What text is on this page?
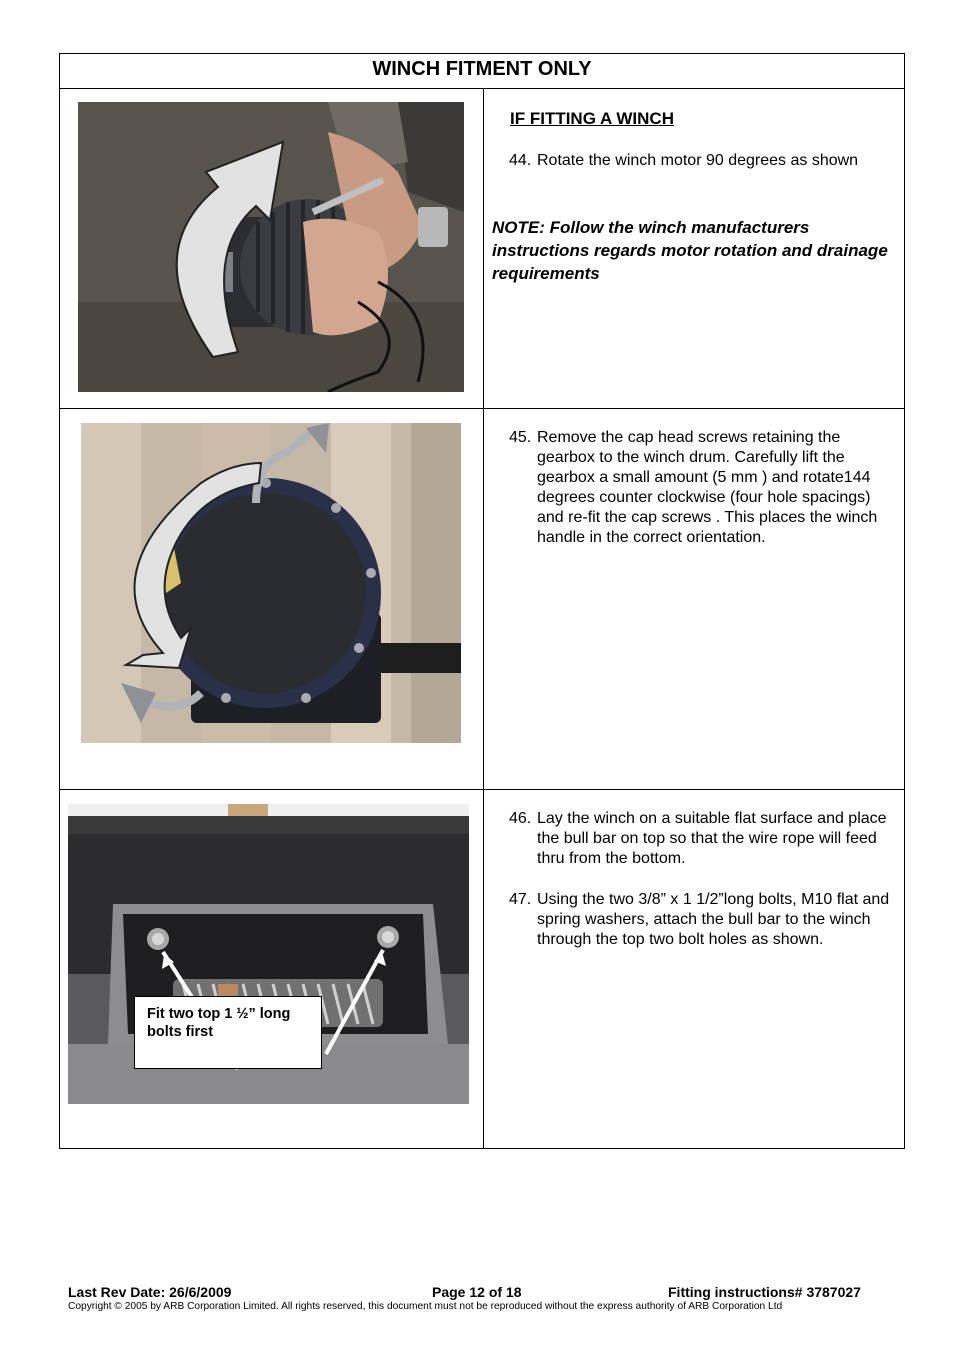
WINCH FITMENT ONLY
Fit two top 1 ½” long bolts first
IF FITTING A WINCH
44. Rotate the winch motor 90 degrees as shown
NOTE: Follow the winch manufacturers instructions regards motor rotation and drainage requirements
45. Remove the cap head screws retaining the gearbox to the winch drum. Carefully lift the gearbox a small amount (5 mm ) and rotate144 degrees counter clockwise (four hole spacings) and re-fit the cap screws . This places the winch handle in the correct orientation.
46. Lay the winch on a suitable flat surface and place the bull bar on top so that the wire rope will feed thru from the bottom.
47. Using the two 3/8” x 1 1/2”long bolts, M10 flat and spring washers, attach the bull bar to the winch through the top two bolt holes as shown.
Last Rev Date: 26/6/2009	Page 12 of 18	Fitting instructions# 3787027
Copyright © 2005 by ARB Corporation Limited. All rights reserved, this document must not be reproduced without the express authority of ARB Corporation Ltd
